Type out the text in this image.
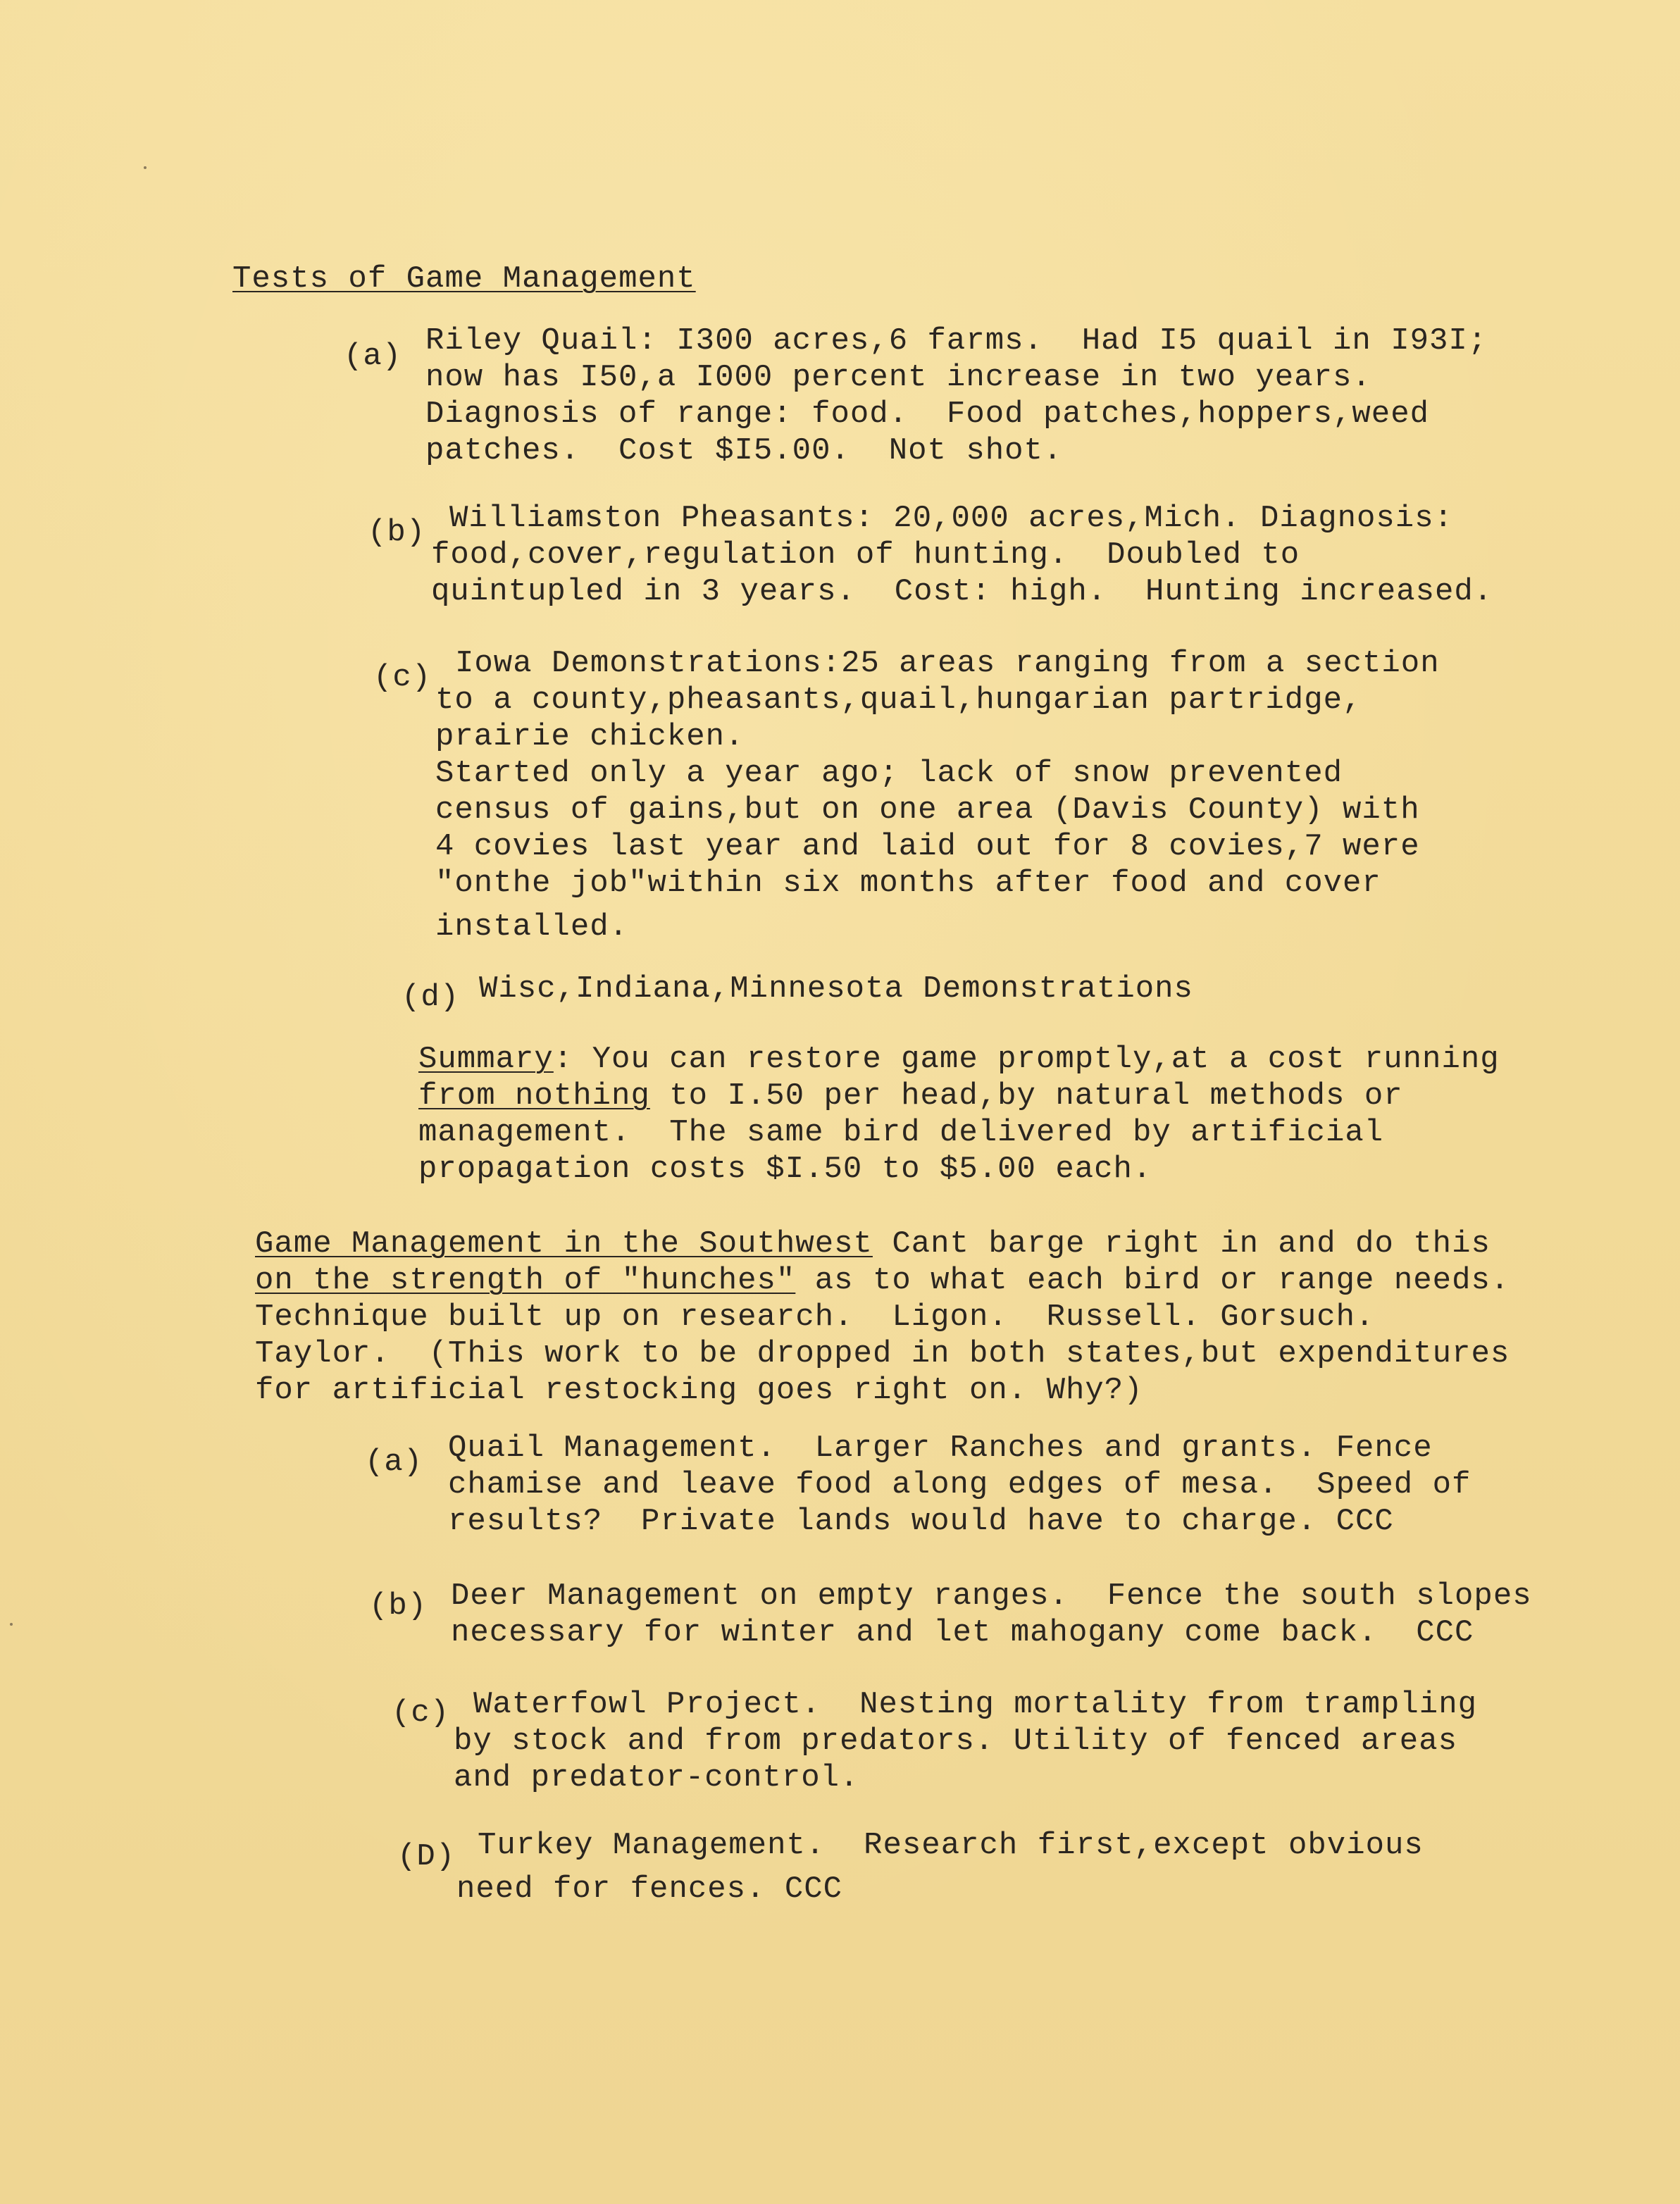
Tests of Game Management
(a) Riley Quail: I300 acres,6 farms.  Had I5 quail in I93I;
now has I50,a I000 percent increase in two years.
Diagnosis of range: food.  Food patches,hoppers,weed
patches.  Cost $I5.00.  Not shot.
(b) Williamston Pheasants: 20,000 acres,Mich. Diagnosis:
food,cover,regulation of hunting.  Doubled to
quintupled in 3 years.  Cost: high.  Hunting increased.
(c) Iowa Demonstrations:25 areas ranging from a section
to a county,pheasants,quail,hungarian partridge,
prairie chicken.
Started only a year ago; lack of snow prevented
census of gains,but on one area (Davis County) with
4 covies last year and laid out for 8 covies,7 were
"onthe job"within six months after food and cover
installed.
(d) Wisc,Indiana,Minnesota Demonstrations
Summary: You can restore game promptly,at a cost running
from nothing to I.50 per head,by natural methods or
management.  The same bird delivered by artificial
propagation costs $I.50 to $5.00 each.
Game Management in the Southwest Cant barge right in and do this
on the strength of "hunches" as to what each bird or range needs.
Technique built up on research.  Ligon.  Russell. Gorsuch.
Taylor.  (This work to be dropped in both states,but expenditures
for artificial restocking goes right on. Why?)
(a) Quail Management.  Larger Ranches and grants. Fence
chamise and leave food along edges of mesa.  Speed of
results?  Private lands would have to charge. CCC
(b) Deer Management on empty ranges.  Fence the south slopes
necessary for winter and let mahogany come back.  CCC
(c) Waterfowl Project.  Nesting mortality from trampling
by stock and from predators. Utility of fenced areas
and predator-control.
(D) Turkey Management.  Research first,except obvious
need for fences. CCC
